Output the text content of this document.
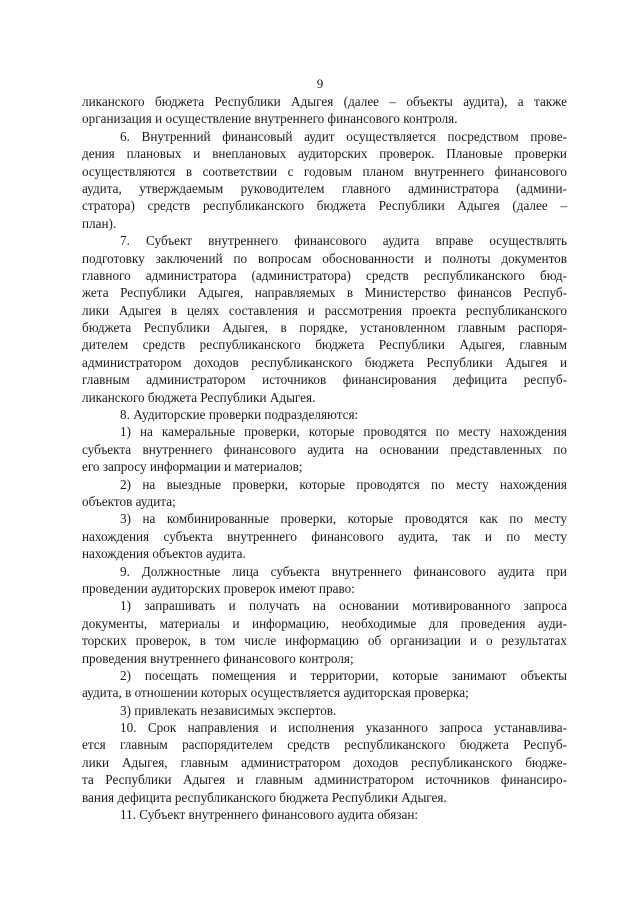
9
ликанского бюджета Республики Адыгея (далее – объекты аудита), а также
организация и осуществление внутреннего финансового контроля.
6. Внутренний финансовый аудит осуществляется посредством прове-
дения плановых и внеплановых аудиторских проверок. Плановые проверки
осуществляются в соответствии с годовым планом внутреннего финансового
аудита, утверждаемым руководителем главного администратора (админи-
стратора) средств республиканского бюджета Республики Адыгея (далее –
план).
7. Субъект внутреннего финансового аудита вправе осуществлять
подготовку заключений по вопросам обоснованности и полноты документов
главного администратора (администратора) средств республиканского бюд-
жета Республики Адыгея, направляемых в Министерство финансов Респуб-
лики Адыгея в целях составления и рассмотрения проекта республиканского
бюджета Республики Адыгея, в порядке, установленном главным распоря-
дителем средств республиканского бюджета Республики Адыгея, главным
администратором доходов республиканского бюджета Республики Адыгея и
главным администратором источников финансирования дефицита респуб-
ликанского бюджета Республики Адыгея.
8. Аудиторские проверки подразделяются:
1) на камеральные проверки, которые проводятся по месту нахождения
субъекта внутреннего финансового аудита на основании представленных по
его запросу информации и материалов;
2) на выездные проверки, которые проводятся по месту нахождения
объектов аудита;
3) на комбинированные проверки, которые проводятся как по месту
нахождения субъекта внутреннего финансового аудита, так и по месту
нахождения объектов аудита.
9. Должностные лица субъекта внутреннего финансового аудита при
проведении аудиторских проверок имеют право:
1) запрашивать и получать на основании мотивированного запроса
документы, материалы и информацию, необходимые для проведения ауди-
торских проверок, в том числе информацию об организации и о результатах
проведения внутреннего финансового контроля;
2) посещать помещения и территории, которые занимают объекты
аудита, в отношении которых осуществляется аудиторская проверка;
3) привлекать независимых экспертов.
10. Срок направления и исполнения указанного запроса устанавлива-
ется главным распорядителем средств республиканского бюджета Респуб-
лики Адыгея, главным администратором доходов республиканского бюдже-
та Республики Адыгея и главным администратором источников финансиро-
вания дефицита республиканского бюджета Республики Адыгея.
11. Субъект внутреннего финансового аудита обязан:
